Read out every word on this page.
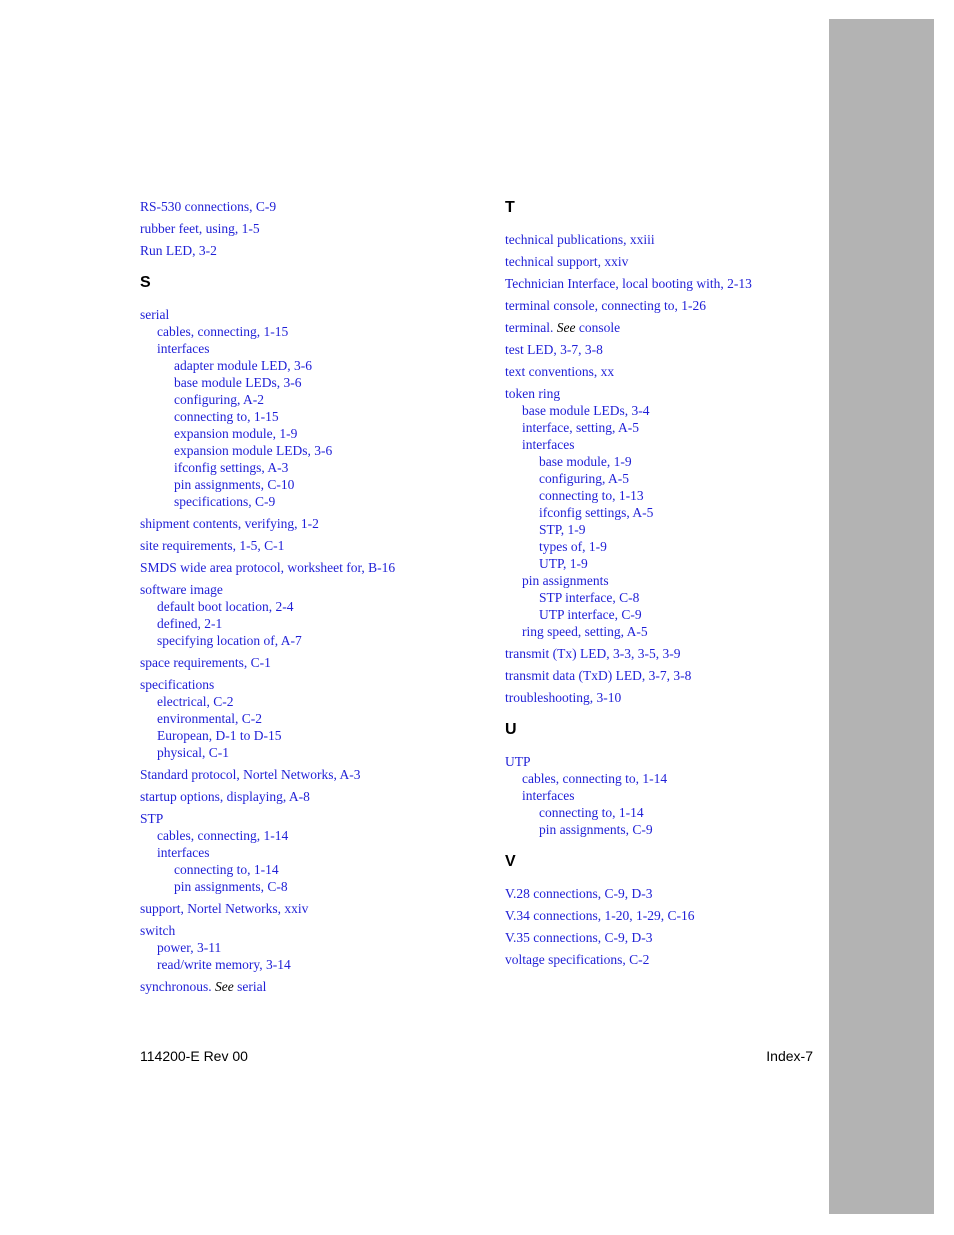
RS-530 connections, C-9
rubber feet, using, 1-5
Run LED, 3-2
S
serial
cables, connecting, 1-15
interfaces
adapter module LED, 3-6
base module LEDs, 3-6
configuring, A-2
connecting to, 1-15
expansion module, 1-9
expansion module LEDs, 3-6
ifconfig settings, A-3
pin assignments, C-10
specifications, C-9
shipment contents, verifying, 1-2
site requirements, 1-5, C-1
SMDS wide area protocol, worksheet for, B-16
software image
default boot location, 2-4
defined, 2-1
specifying location of, A-7
space requirements, C-1
specifications
electrical, C-2
environmental, C-2
European, D-1 to D-15
physical, C-1
Standard protocol, Nortel Networks, A-3
startup options, displaying, A-8
STP
cables, connecting, 1-14
interfaces
connecting to, 1-14
pin assignments, C-8
support, Nortel Networks, xxiv
switch
power, 3-11
read/write memory, 3-14
synchronous. See serial
T
technical publications, xxiii
technical support, xxiv
Technician Interface, local booting with, 2-13
terminal console, connecting to, 1-26
terminal. See console
test LED, 3-7, 3-8
text conventions, xx
token ring
base module LEDs, 3-4
interface, setting, A-5
interfaces
base module, 1-9
configuring, A-5
connecting to, 1-13
ifconfig settings, A-5
STP, 1-9
types of, 1-9
UTP, 1-9
pin assignments
STP interface, C-8
UTP interface, C-9
ring speed, setting, A-5
transmit (Tx) LED, 3-3, 3-5, 3-9
transmit data (TxD) LED, 3-7, 3-8
troubleshooting, 3-10
U
UTP
cables, connecting to, 1-14
interfaces
connecting to, 1-14
pin assignments, C-9
V
V.28 connections, C-9, D-3
V.34 connections, 1-20, 1-29, C-16
V.35 connections, C-9, D-3
voltage specifications, C-2
114200-E Rev 00	Index-7
